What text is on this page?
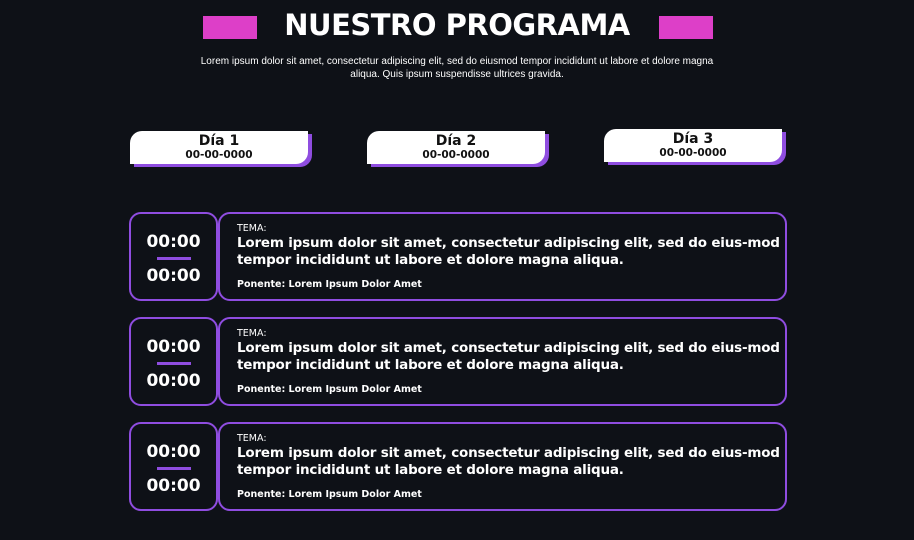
NUESTRO PROGRAMA

Lorem ipsum dolor sit amet, consectetur adipiscing elit, sed do eiusmod tempor incididunt ut labore et dolore magna aliqua. Quis ipsum suspendisse ultrices gravida.

Día 1
00-00-0000
Día 2
00-00-0000
Día 3
00-00-0000
00:00
00:00
TEMA:
Lorem ipsum dolor sit amet, consectetur adipiscing elit, sed do eius-mod tempor incididunt ut labore et dolore magna aliqua.
Ponente: Lorem Ipsum Dolor Amet
00:00
00:00
TEMA:
Lorem ipsum dolor sit amet, consectetur adipiscing elit, sed do eius-mod tempor incididunt ut labore et dolore magna aliqua.
Ponente: Lorem Ipsum Dolor Amet
00:00
00:00
TEMA:
Lorem ipsum dolor sit amet, consectetur adipiscing elit, sed do eius-mod tempor incididunt ut labore et dolore magna aliqua.
Ponente: Lorem Ipsum Dolor Amet
